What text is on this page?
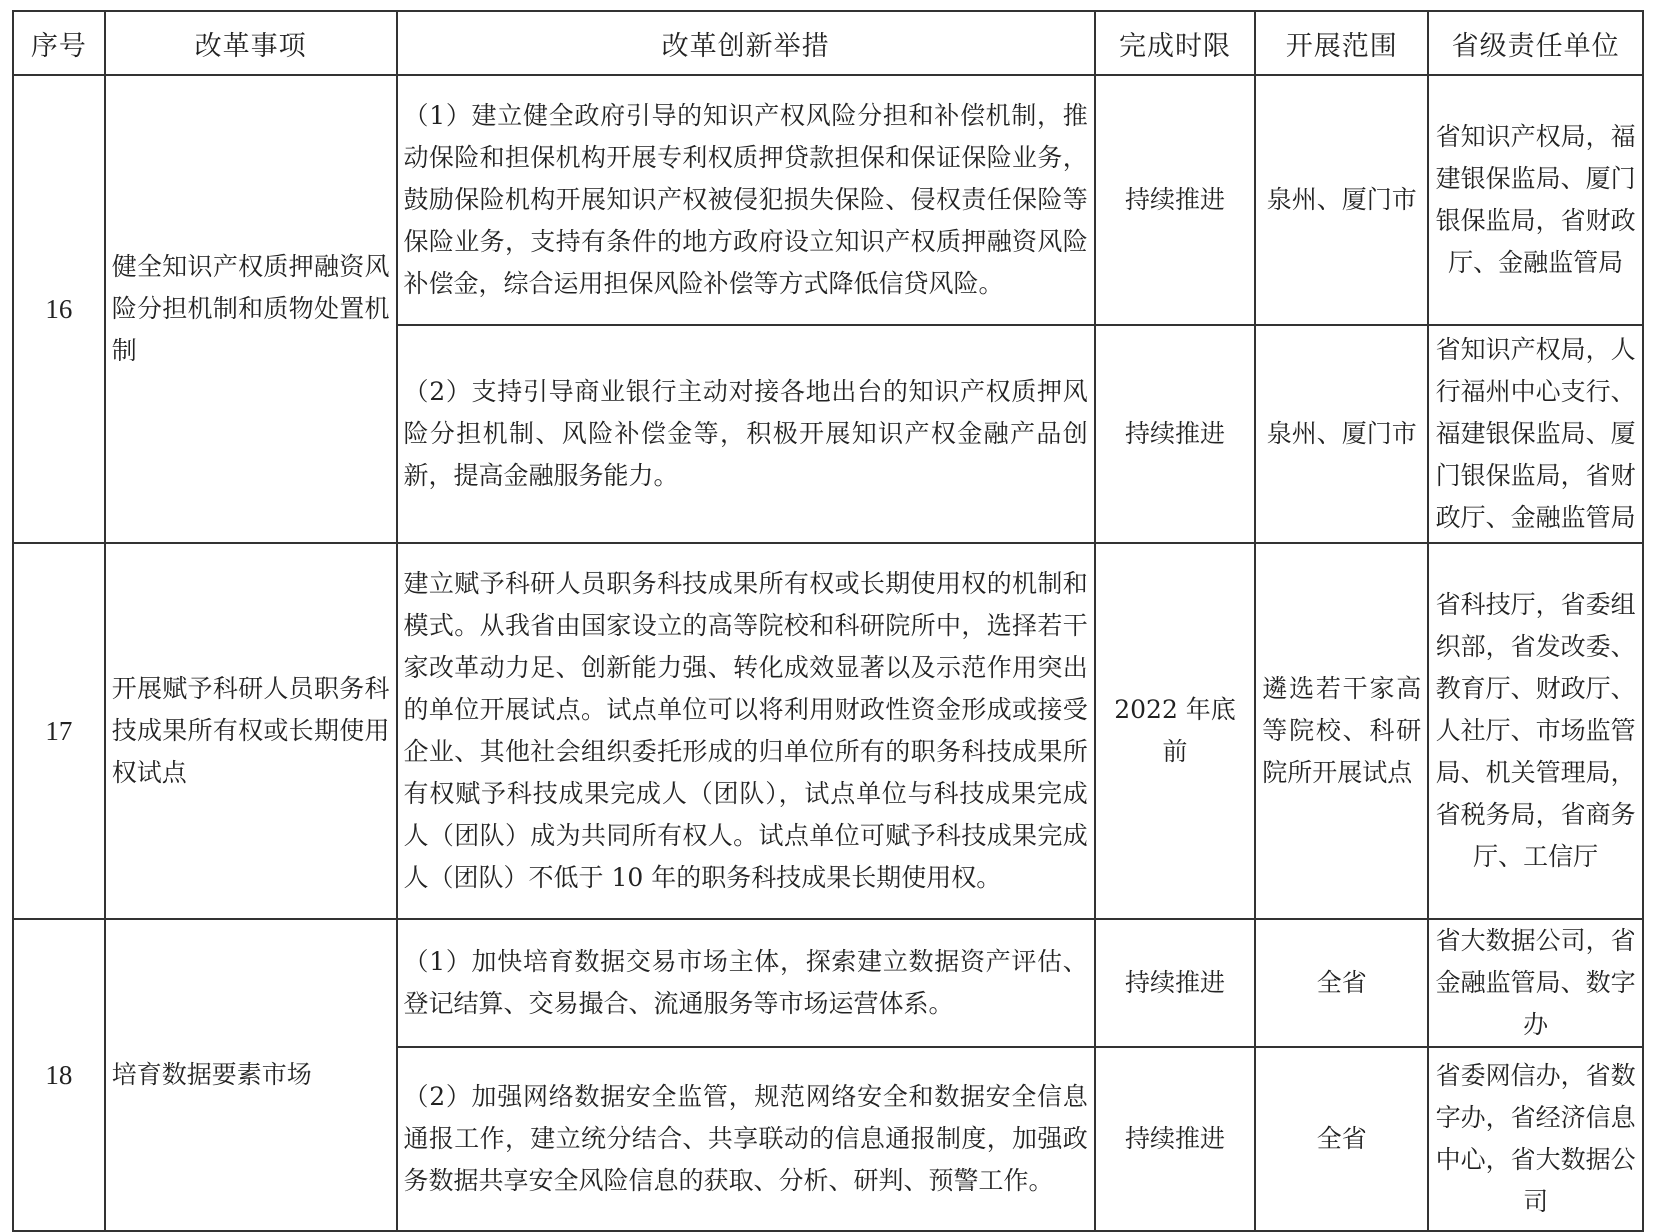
序号	改革事项	改革创新举措	完成时限	开展范围	省级责任单位
16	健全知识产权质押融资风险分担机制和质物处置机制	（1）建立健全政府引导的知识产权风险分担和补偿机制，推动保险和担保机构开展专利权质押贷款担保和保证保险业务，鼓励保险机构开展知识产权被侵犯损失保险、侵权责任保险等保险业务，支持有条件的地方政府设立知识产权质押融资风险补偿金，综合运用担保风险补偿等方式降低信贷风险。	持续推进	泉州、厦门市	省知识产权局，福建银保监局、厦门银保监局，省财政厅、金融监管局
		（2）支持引导商业银行主动对接各地出台的知识产权质押风险分担机制、风险补偿金等，积极开展知识产权金融产品创新，提高金融服务能力。	持续推进	泉州、厦门市	省知识产权局，人行福州中心支行、福建银保监局、厦门银保监局，省财政厅、金融监管局
17	开展赋予科研人员职务科技成果所有权或长期使用权试点	建立赋予科研人员职务科技成果所有权或长期使用权的机制和模式。从我省由国家设立的高等院校和科研院所中，选择若干家改革动力足、创新能力强、转化成效显著以及示范作用突出的单位开展试点。试点单位可以将利用财政性资金形成或接受企业、其他社会组织委托形成的归单位所有的职务科技成果所有权赋予科技成果完成人（团队），试点单位与科技成果完成人（团队）成为共同所有权人。试点单位可赋予科技成果完成人（团队）不低于 10 年的职务科技成果长期使用权。	2022 年底前	遴选若干家高等院校、科研院所开展试点	省科技厅，省委组织部，省发改委、教育厅、财政厅、人社厅、市场监管局、机关管理局，省税务局，省商务厅、工信厅
18	培育数据要素市场	（1）加快培育数据交易市场主体，探索建立数据资产评估、登记结算、交易撮合、流通服务等市场运营体系。	持续推进	全省	省大数据公司，省金融监管局、数字办
		（2）加强网络数据安全监管，规范网络安全和数据安全信息通报工作，建立统分结合、共享联动的信息通报制度，加强政务数据共享安全风险信息的获取、分析、研判、预警工作。	持续推进	全省	省委网信办，省数字办，省经济信息中心，省大数据公司
